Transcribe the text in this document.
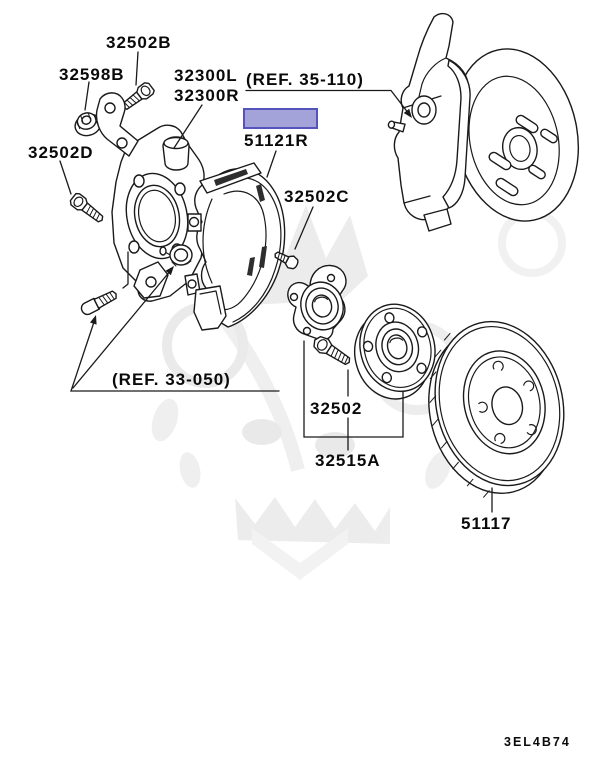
32502B
32598B	32300L
32300R
(REF. 35-110)
51121R
32502D
32502C
(REF. 33-050)
32502
32515A
51117
3EL4B74
